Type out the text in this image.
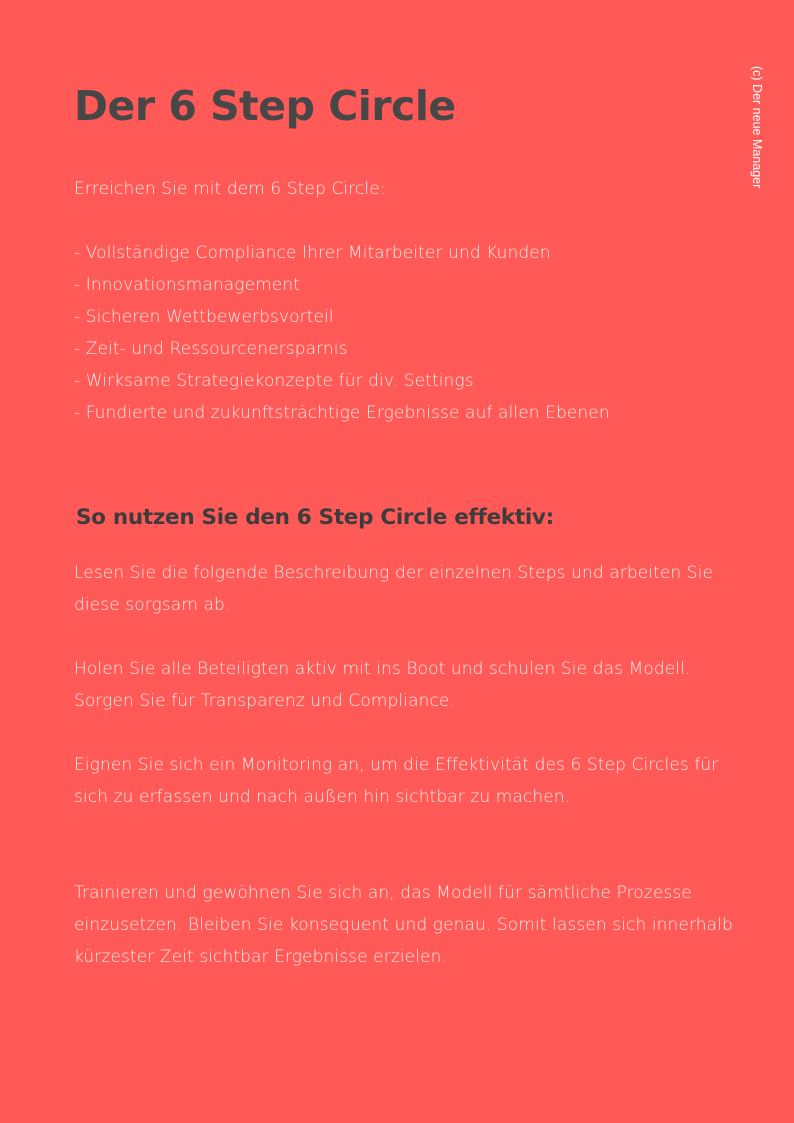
Der 6 Step Circle	(c) Der neue Manager

Erreichen Sie mit dem 6 Step Circle:

- Vollständige Compliance Ihrer Mitarbeiter und Kunden
- Innovationsmanagement
- Sicheren Wettbewerbsvorteil
- Zeit- und Ressourcenersparnis
- Wirksame Strategiekonzepte für div. Settings
- Fundierte und zukunftsträchtige Ergebnisse auf allen Ebenen
So nutzen Sie den 6 Step Circle effektiv:

Lesen Sie die folgende Beschreibung der einzelnen Steps und arbeiten Sie diese sorgsam ab.

Holen Sie alle Beteiligten aktiv mit ins Boot und schulen Sie das Modell. Sorgen Sie für Transparenz und Compliance.

Eignen Sie sich ein Monitoring an, um die Effektivität des 6 Step Circles für sich zu erfassen und nach außen hin sichtbar zu machen.

Trainieren und gewöhnen Sie sich an, das Modell für sämtliche Prozesse einzusetzen. Bleiben Sie konsequent und genau. Somit lassen sich innerhalb kürzester Zeit sichtbar Ergebnisse erzielen.
